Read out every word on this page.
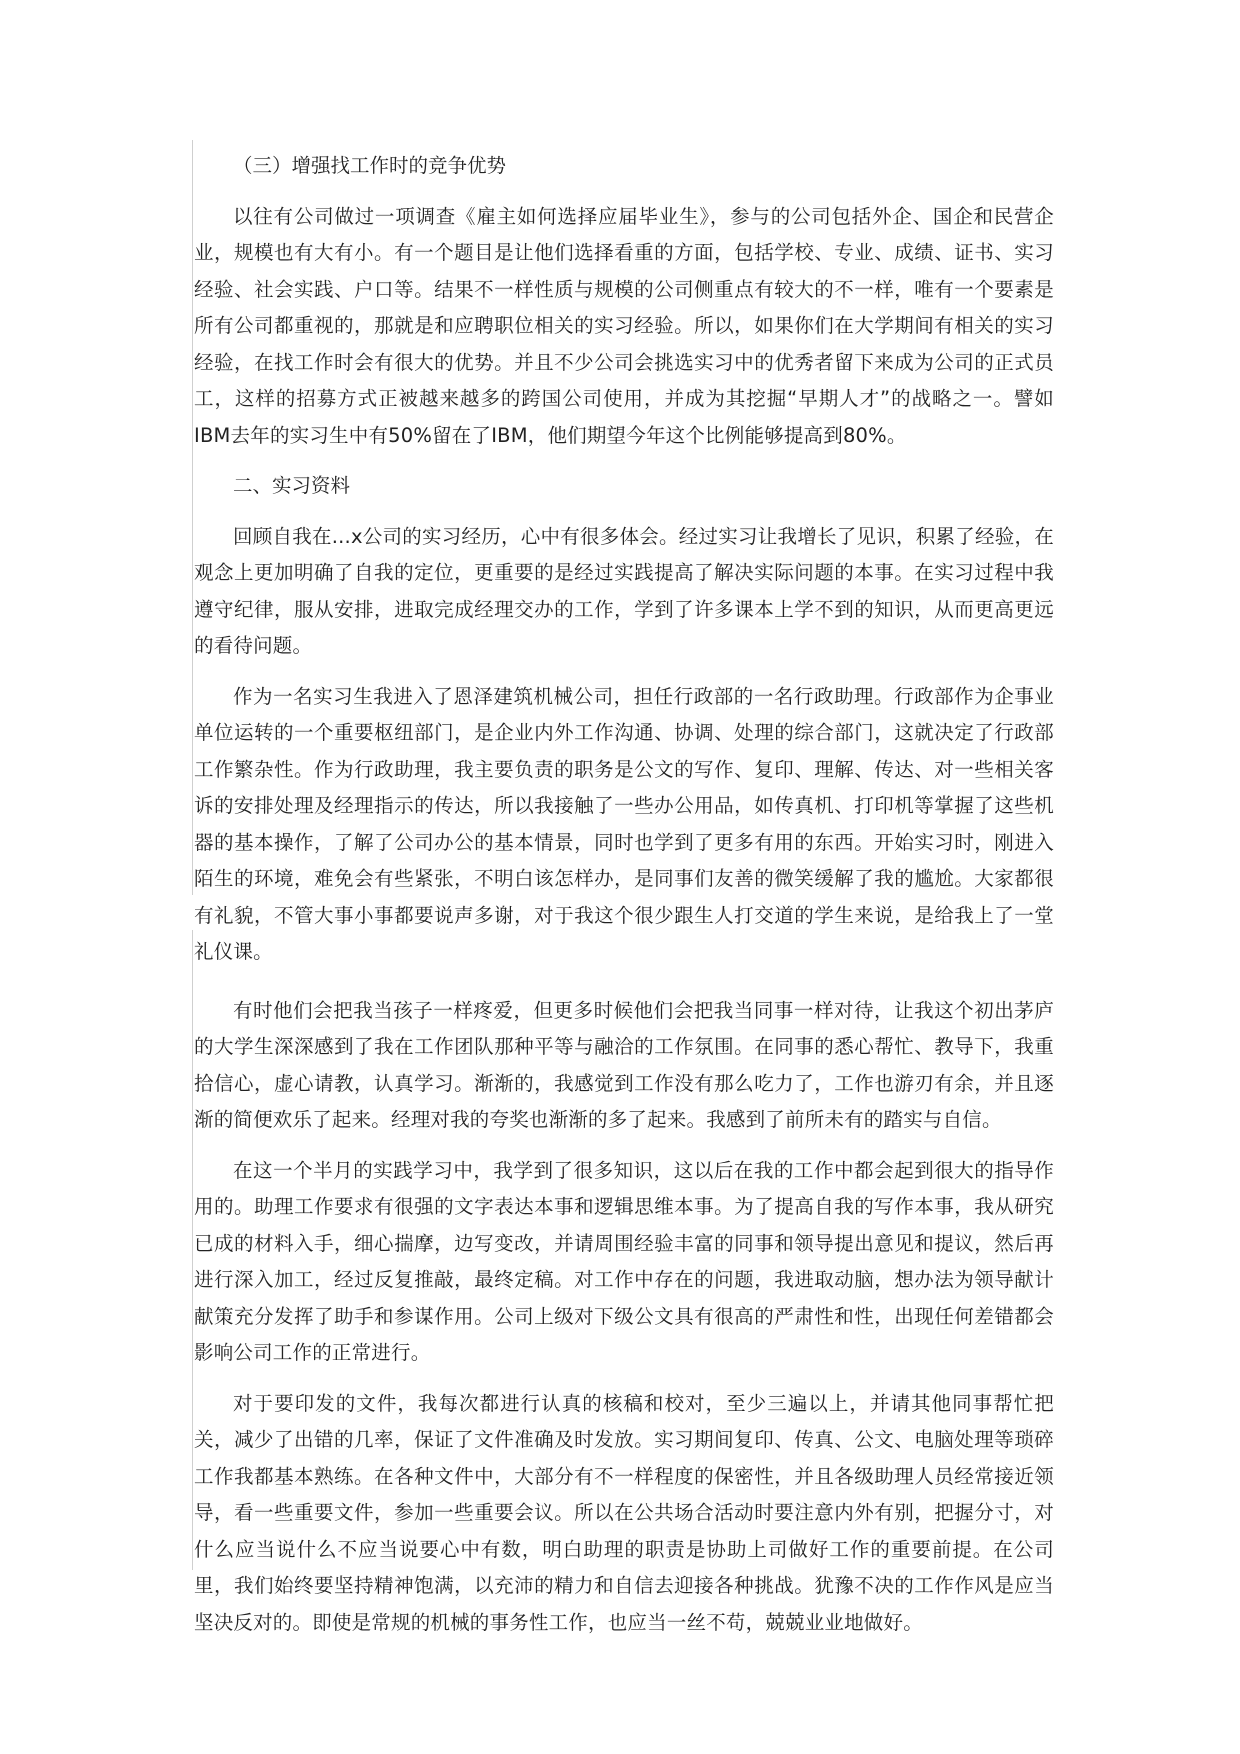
（三）增强找工作时的竞争优势

以往有公司做过一项调查《雇主如何选择应届毕业生》，参与的公司包括外企、国企和民营企业，规模也有大有小。有一个题目是让他们选择看重的方面，包括学校、专业、成绩、证书、实习经验、社会实践、户口等。结果不一样性质与规模的公司侧重点有较大的不一样，唯有一个要素是所有公司都重视的，那就是和应聘职位相关的实习经验。所以，如果你们在大学期间有相关的实习经验，在找工作时会有很大的优势。并且不少公司会挑选实习中的优秀者留下来成为公司的正式员工，这样的招募方式正被越来越多的跨国公司使用，并成为其挖掘“早期人才”的战略之一。譬如IBM去年的实习生中有50%留在了IBM，他们期望今年这个比例能够提高到80%。

二、实习资料

回顾自我在...x公司的实习经历，心中有很多体会。经过实习让我增长了见识，积累了经验，在观念上更加明确了自我的定位，更重要的是经过实践提高了解决实际问题的本事。在实习过程中我遵守纪律，服从安排，进取完成经理交办的工作，学到了许多课本上学不到的知识，从而更高更远的看待问题。

作为一名实习生我进入了恩泽建筑机械公司，担任行政部的一名行政助理。行政部作为企事业单位运转的一个重要枢纽部门，是企业内外工作沟通、协调、处理的综合部门，这就决定了行政部工作繁杂性。作为行政助理，我主要负责的职务是公文的写作、复印、理解、传达、对一些相关客诉的安排处理及经理指示的传达，所以我接触了一些办公用品，如传真机、打印机等掌握了这些机器的基本操作，了解了公司办公的基本情景，同时也学到了更多有用的东西。开始实习时，刚进入陌生的环境，难免会有些紧张，不明白该怎样办，是同事们友善的微笑缓解了我的尴尬。大家都很有礼貌，不管大事小事都要说声多谢，对于我这个很少跟生人打交道的学生来说，是给我上了一堂礼仪课。

有时他们会把我当孩子一样疼爱，但更多时候他们会把我当同事一样对待，让我这个初出茅庐的大学生深深感到了我在工作团队那种平等与融洽的工作氛围。在同事的悉心帮忙、教导下，我重拾信心，虚心请教，认真学习。渐渐的，我感觉到工作没有那么吃力了，工作也游刃有余，并且逐渐的简便欢乐了起来。经理对我的夸奖也渐渐的多了起来。我感到了前所未有的踏实与自信。

在这一个半月的实践学习中，我学到了很多知识，这以后在我的工作中都会起到很大的指导作用的。助理工作要求有很强的文字表达本事和逻辑思维本事。为了提高自我的写作本事，我从研究已成的材料入手，细心揣摩，边写变改，并请周围经验丰富的同事和领导提出意见和提议，然后再进行深入加工，经过反复推敲，最终定稿。对工作中存在的问题，我进取动脑，想办法为领导献计献策充分发挥了助手和参谋作用。公司上级对下级公文具有很高的严肃性和性，出现任何差错都会影响公司工作的正常进行。

对于要印发的文件，我每次都进行认真的核稿和校对，至少三遍以上，并请其他同事帮忙把关，减少了出错的几率，保证了文件准确及时发放。实习期间复印、传真、公文、电脑处理等琐碎工作我都基本熟练。在各种文件中，大部分有不一样程度的保密性，并且各级助理人员经常接近领导，看一些重要文件，参加一些重要会议。所以在公共场合活动时要注意内外有别，把握分寸，对什么应当说什么不应当说要心中有数，明白助理的职责是协助上司做好工作的重要前提。在公司里，我们始终要坚持精神饱满，以充沛的精力和自信去迎接各种挑战。犹豫不决的工作作风是应当坚决反对的。即使是常规的机械的事务性工作，也应当一丝不苟，兢兢业业地做好。
